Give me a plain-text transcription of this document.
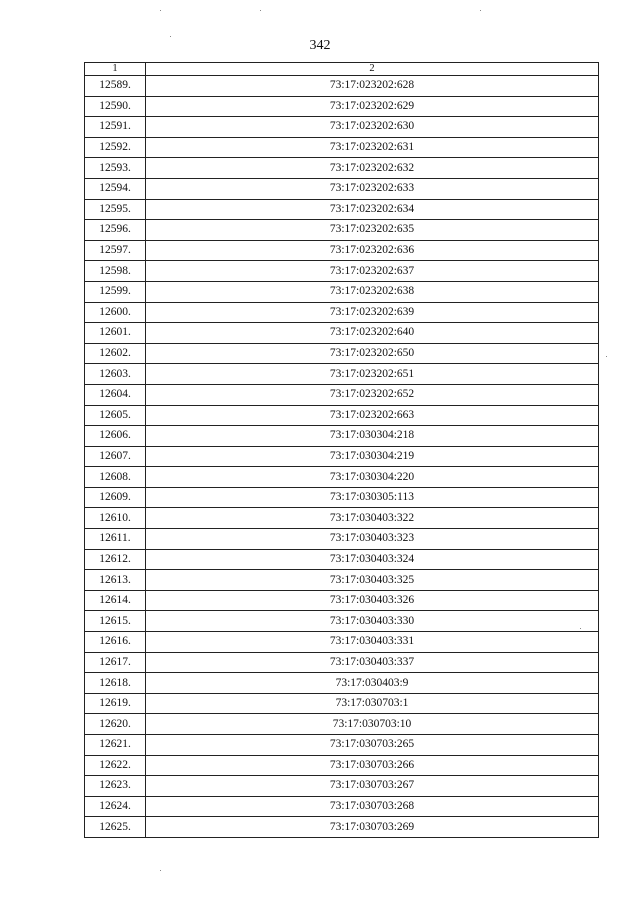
342
1	2
12589.	73:17:023202:628
12590.	73:17:023202:629
12591.	73:17:023202:630
12592.	73:17:023202:631
12593.	73:17:023202:632
12594.	73:17:023202:633
12595.	73:17:023202:634
12596.	73:17:023202:635
12597.	73:17:023202:636
12598.	73:17:023202:637
12599.	73:17:023202:638
12600.	73:17:023202:639
12601.	73:17:023202:640
12602.	73:17:023202:650
12603.	73:17:023202:651
12604.	73:17:023202:652
12605.	73:17:023202:663
12606.	73:17:030304:218
12607.	73:17:030304:219
12608.	73:17:030304:220
12609.	73:17:030305:113
12610.	73:17:030403:322
12611.	73:17:030403:323
12612.	73:17:030403:324
12613.	73:17:030403:325
12614.	73:17:030403:326
12615.	73:17:030403:330
12616.	73:17:030403:331
12617.	73:17:030403:337
12618.	73:17:030403:9
12619.	73:17:030703:1
12620.	73:17:030703:10
12621.	73:17:030703:265
12622.	73:17:030703:266
12623.	73:17:030703:267
12624.	73:17:030703:268
12625.	73:17:030703:269
